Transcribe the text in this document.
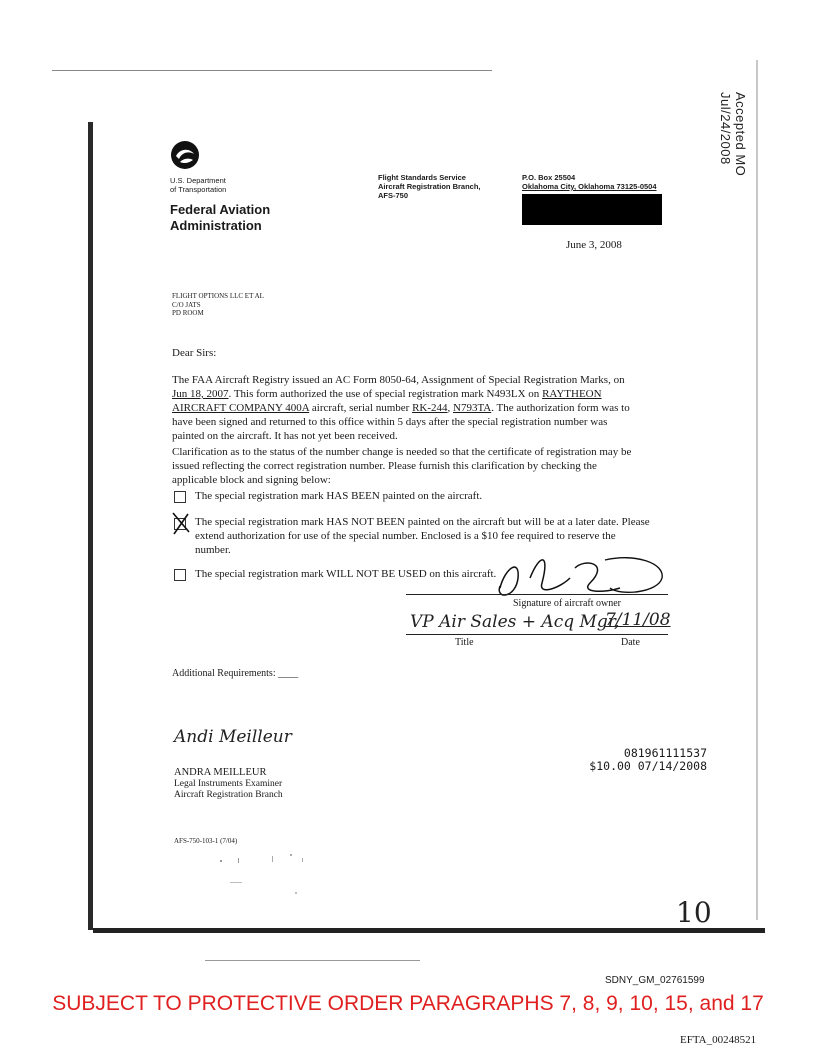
Accepted MO Jul/24/2008
U.S. Department
of Transportation
Federal Aviation
Administration
Flight Standards Service
Aircraft Registration Branch,
AFS-750
P.O. Box 25504
Oklahoma City, Oklahoma 73125-0504
June 3, 2008
FLIGHT OPTIONS LLC ET AL
C/O JATS
PD ROOM
Dear Sirs:
The FAA Aircraft Registry issued an AC Form 8050-64, Assignment of Special Registration Marks, on
Jun 18, 2007. This form authorized the use of special registration mark N493LX on RAYTHEON
AIRCRAFT COMPANY 400A aircraft, serial number RK-244, N793TA. The authorization form was to
have been signed and returned to this office within 5 days after the special registration number was
painted on the aircraft. It has not yet been received.
Clarification as to the status of the number change is needed so that the certificate of registration may be
issued reflecting the correct registration number. Please furnish this clarification by checking the
applicable block and signing below:
The special registration mark HAS BEEN painted on the aircraft.
The special registration mark HAS NOT BEEN painted on the aircraft but will be at a later date. Please
extend authorization for use of the special number. Enclosed is a $10 fee required to reserve the
number.
The special registration mark WILL NOT BE USED on this aircraft.
Signature of aircraft owner
VP Air Sales + Acq Mgr,
7/11/08
Title	Date
Additional Requirements: ____
Andi Meilleur
ANDRA MEILLEUR
Legal Instruments Examiner
Aircraft Registration Branch
081961111537
$10.00 07/14/2008
AFS-750-103-1 (7/04)
10
SDNY_GM_02761599
SUBJECT TO PROTECTIVE ORDER PARAGRAPHS 7, 8, 9, 10, 15, and 17
EFTA_00248521
